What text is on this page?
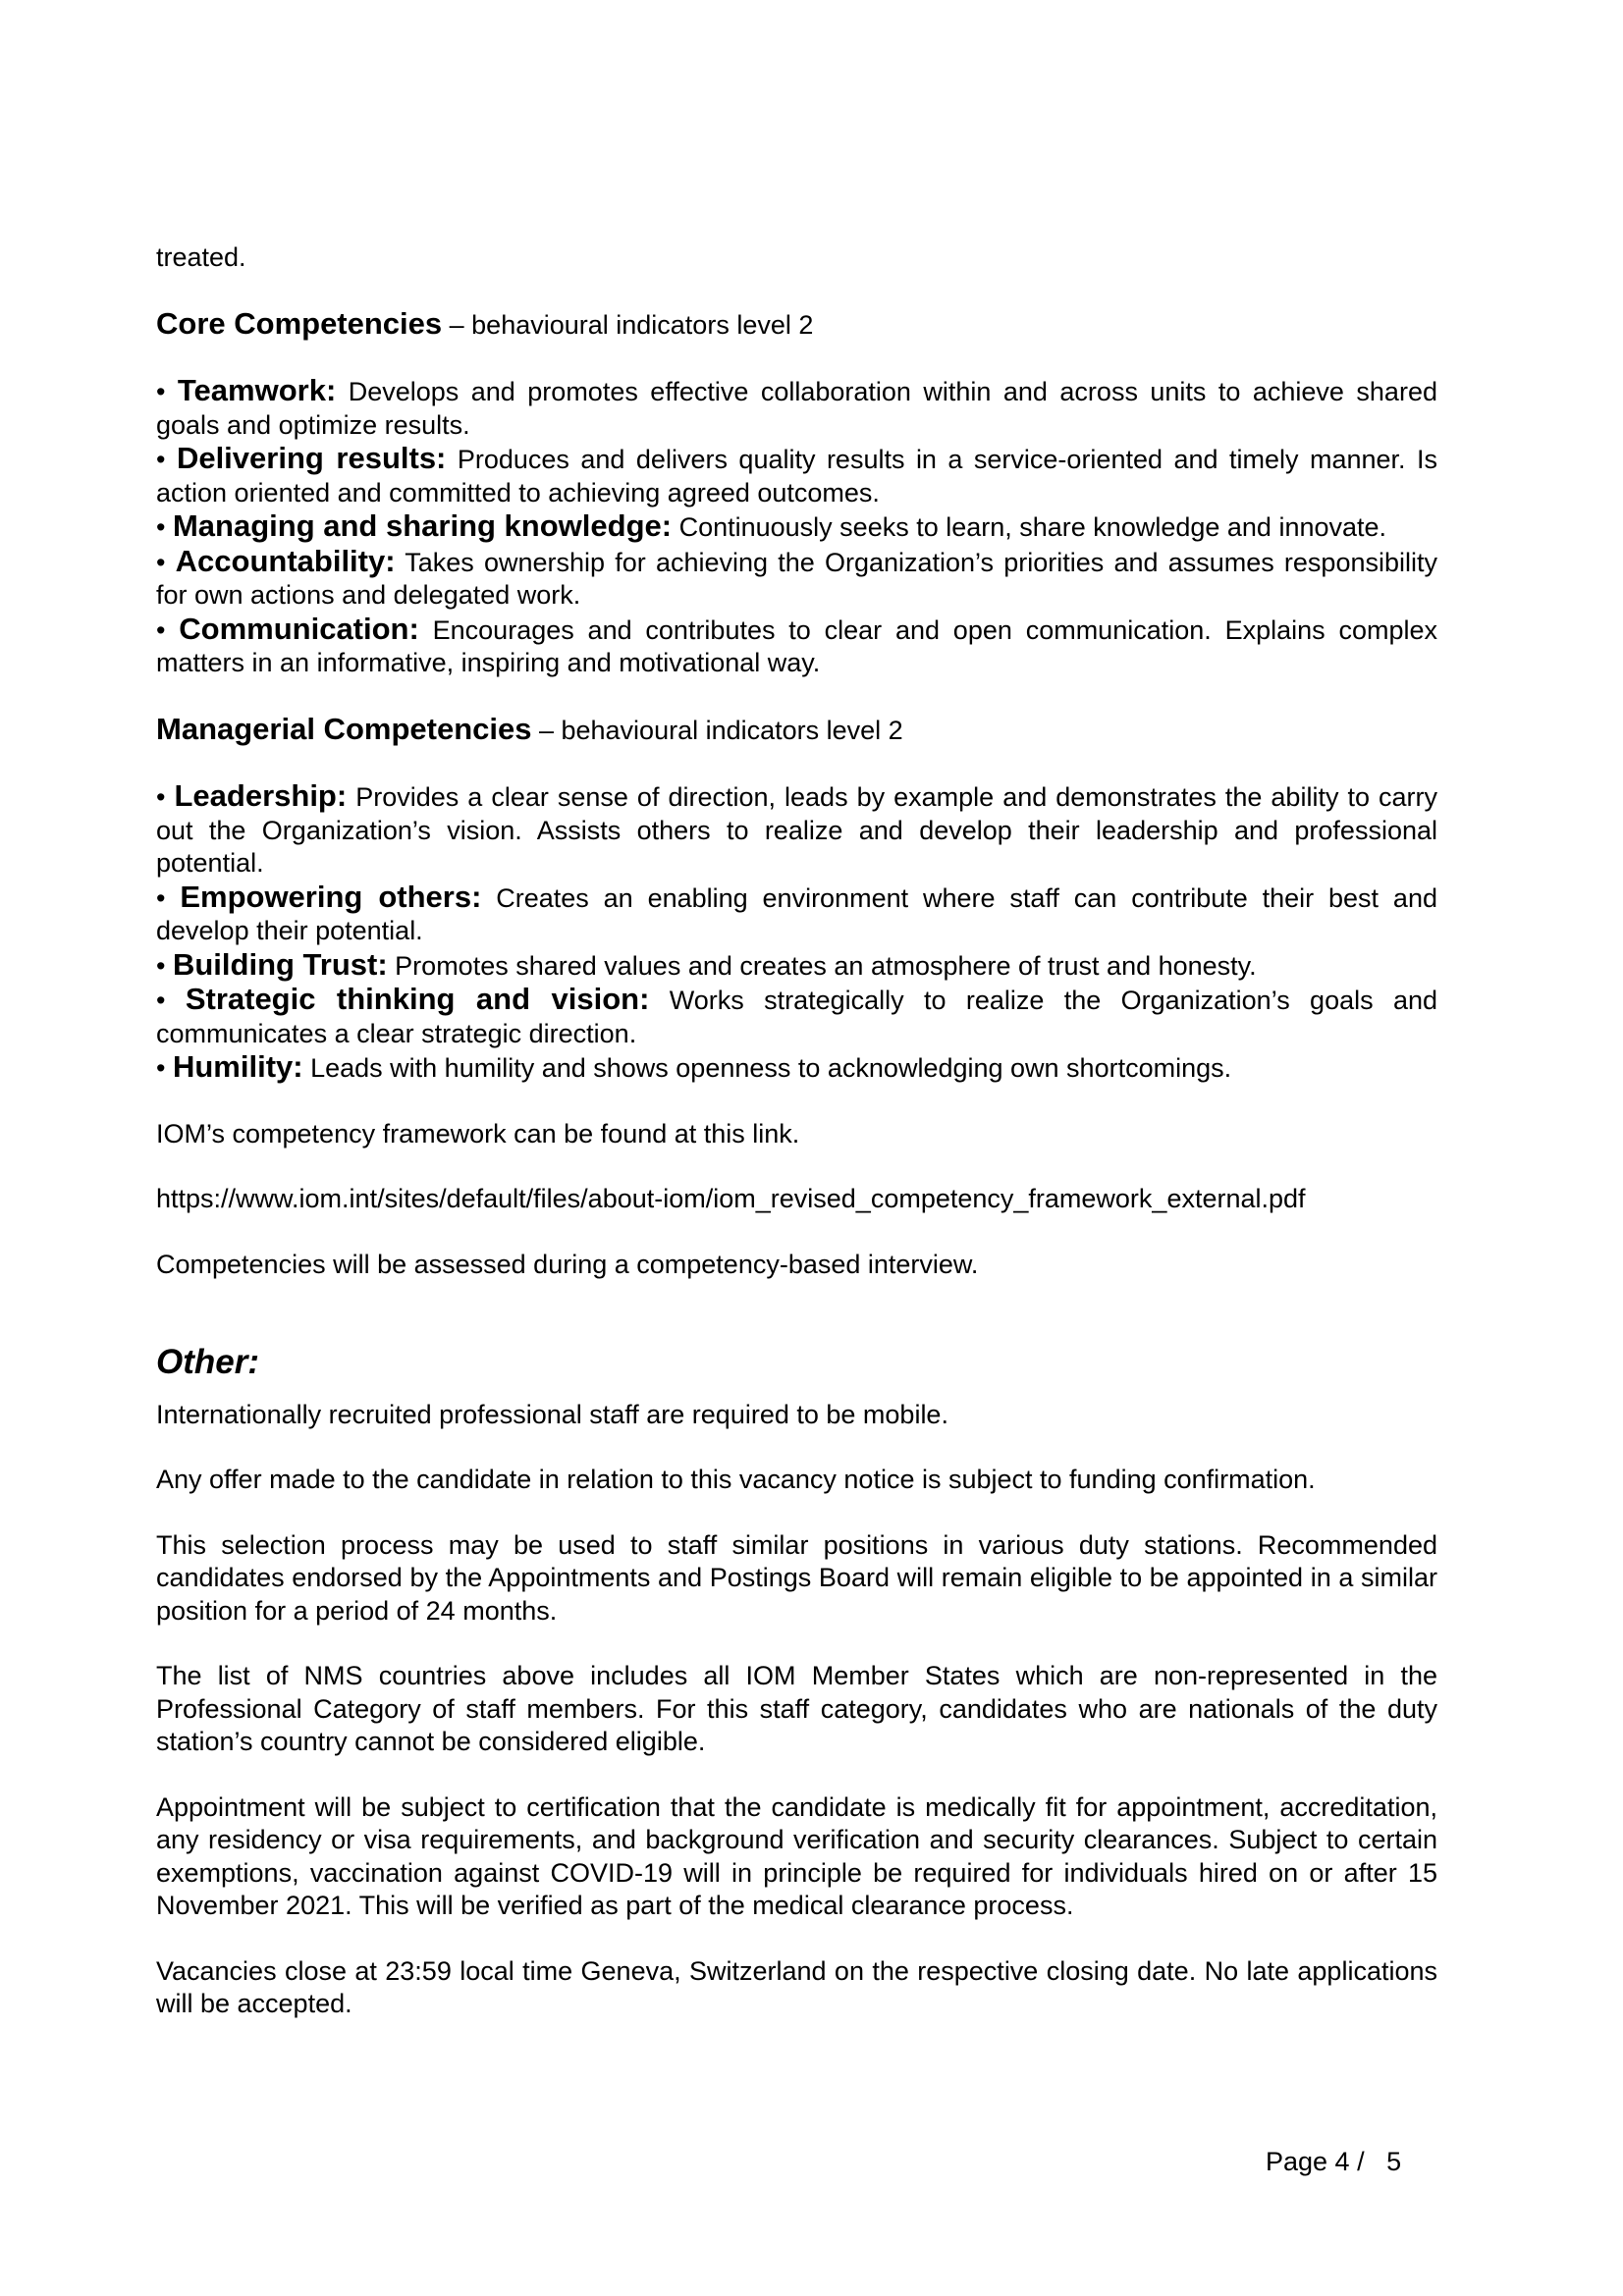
treated.

Core Competencies – behavioural indicators level 2

• Teamwork: Develops and promotes effective collaboration within and across units to achieve shared goals and optimize results.

• Delivering results: Produces and delivers quality results in a service-oriented and timely manner. Is action oriented and committed to achieving agreed outcomes.

• Managing and sharing knowledge: Continuously seeks to learn, share knowledge and innovate.

• Accountability: Takes ownership for achieving the Organization’s priorities and assumes responsibility for own actions and delegated work.

• Communication: Encourages and contributes to clear and open communication. Explains complex matters in an informative, inspiring and motivational way.

Managerial Competencies – behavioural indicators level 2

• Leadership: Provides a clear sense of direction, leads by example and demonstrates the ability to carry out the Organization’s vision. Assists others to realize and develop their leadership and professional potential.

• Empowering others: Creates an enabling environment where staff can contribute their best and develop their potential.

• Building Trust: Promotes shared values and creates an atmosphere of trust and honesty.

• Strategic thinking and vision: Works strategically to realize the Organization’s goals and communicates a clear strategic direction.

• Humility: Leads with humility and shows openness to acknowledging own shortcomings.

IOM’s competency framework can be found at this link.

https://www.iom.int/sites/default/files/about-iom/iom_revised_competency_framework_external.pdf

Competencies will be assessed during a competency-based interview.

Other:

Internationally recruited professional staff are required to be mobile.

Any offer made to the candidate in relation to this vacancy notice is subject to funding confirmation.

This selection process may be used to staff similar positions in various duty stations. Recommended candidates endorsed by the Appointments and Postings Board will remain eligible to be appointed in a similar position for a period of 24 months.

The list of NMS countries above includes all IOM Member States which are non-represented in the Professional Category of staff members. For this staff category, candidates who are nationals of the duty station’s country cannot be considered eligible.

Appointment will be subject to certification that the candidate is medically fit for appointment, accreditation, any residency or visa requirements, and background verification and security clearances. Subject to certain exemptions, vaccination against COVID-19 will in principle be required for individuals hired on or after 15 November 2021. This will be verified as part of the medical clearance process.

Vacancies close at 23:59 local time Geneva, Switzerland on the respective closing date. No late applications will be accepted.

Page 4 /   5
